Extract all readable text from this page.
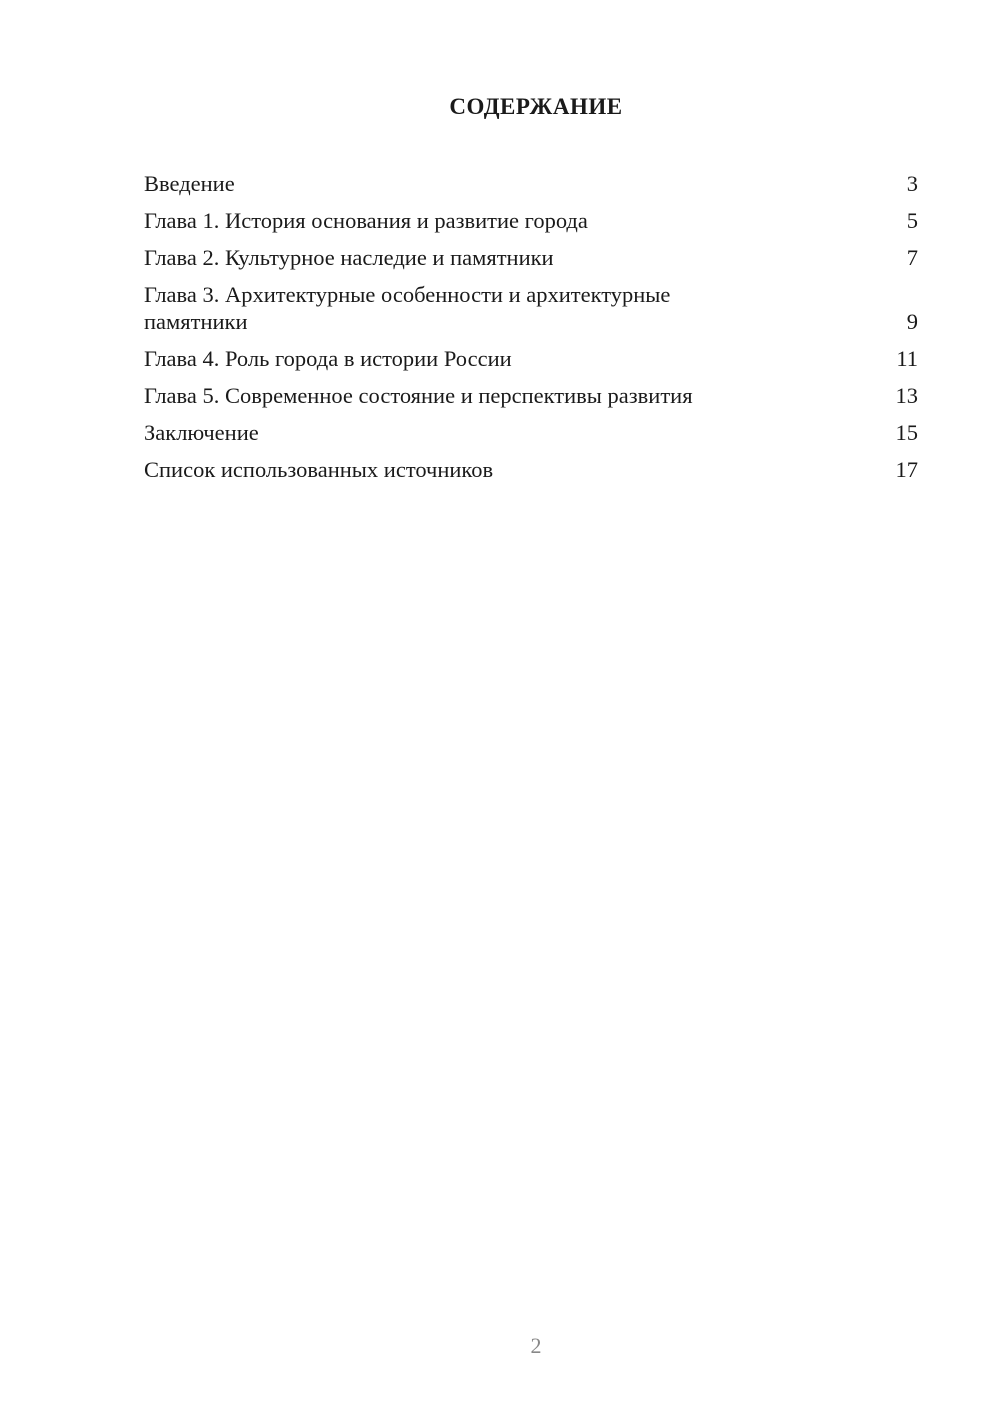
СОДЕРЖАНИЕ
Введение	3
Глава 1. История основания и развитие города	5
Глава 2. Культурное наследие и памятники	7
Глава 3. Архитектурные особенности и архитектурные памятники	9
Глава 4. Роль города в истории России	11
Глава 5. Современное состояние и перспективы развития	13
Заключение	15
Список использованных источников	17
2
